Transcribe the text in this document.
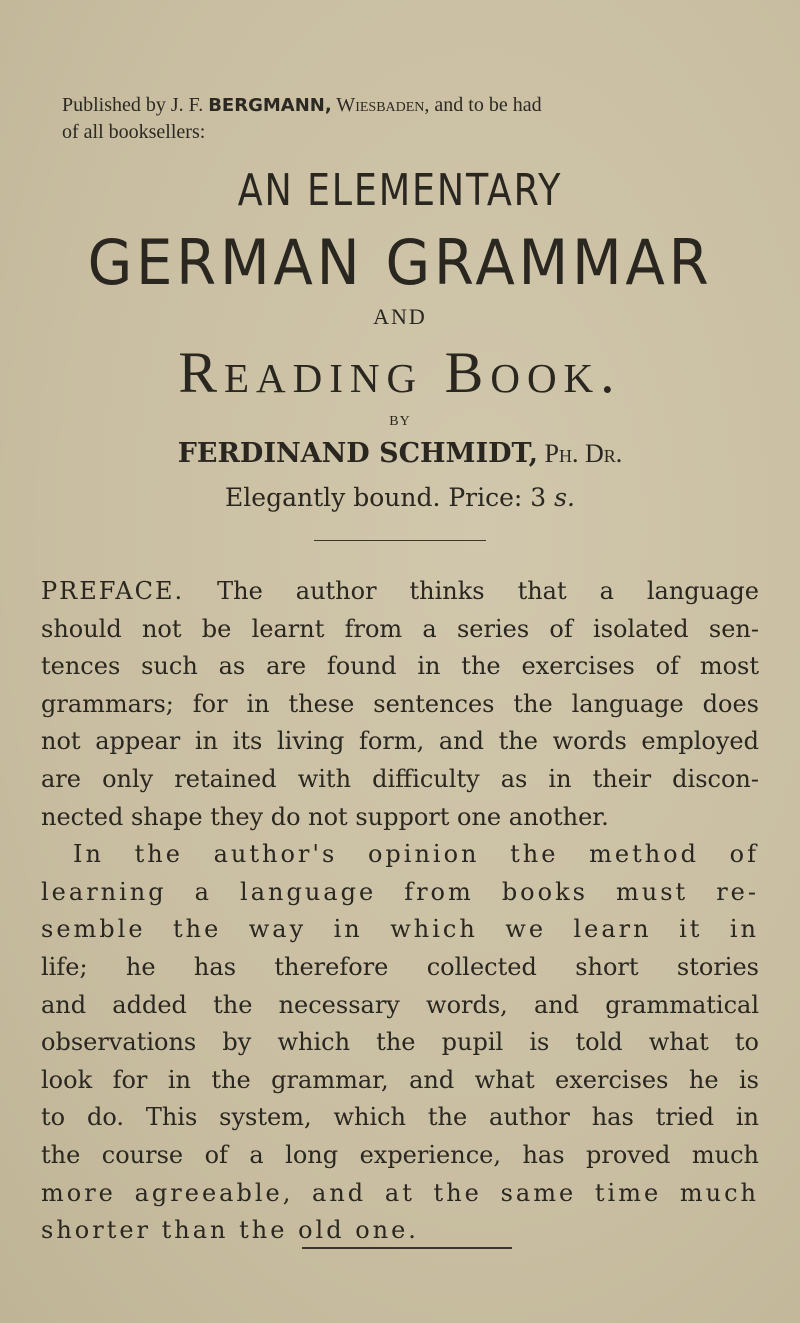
Published by J. F. BERGMANN, Wiesbaden, and to be had
of all booksellers:
AN ELEMENTARY
GERMAN GRAMMAR
AND
Reading Book.
BY
FERDINAND SCHMIDT, Ph. Dr.
Elegantly bound. Price: 3 s.
PREFACE. The author thinks that a language
should not be learnt from a series of isolated sen-
tences such as are found in the exercises of most
grammars; for in these sentences the language does
not appear in its living form, and the words employed
are only retained with difficulty as in their discon-
nected shape they do not support one another.
In the author's opinion the method of
learning a language from books must re-
semble the way in which we learn it in
life; he has therefore collected short stories
and added the necessary words, and grammatical
observations by which the pupil is told what to
look for in the grammar, and what exercises he is
to do. This system, which the author has tried in
the course of a long experience, has proved much
more agreeable, and at the same time much
shorter than the old one.
